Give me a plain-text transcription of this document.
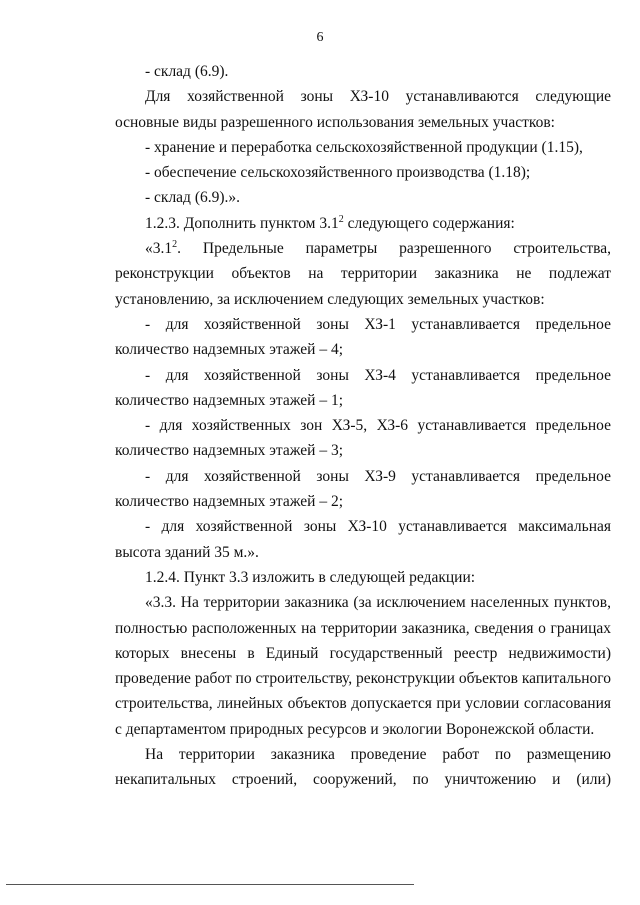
6

- склад (6.9).

Для хозяйственной зоны ХЗ-10 устанавливаются следующие основные виды разрешенного использования земельных участков:

- хранение и переработка сельскохозяйственной продукции (1.15),

- обеспечение сельскохозяйственного производства (1.18);

- склад (6.9).».

1.2.3. Дополнить пунктом $3.1^2$ следующего содержания:

«$3.1^2$. Предельные параметры разрешенного строительства, реконструкции объектов на территории заказника не подлежат установлению, за исключением следующих земельных участков:

- для хозяйственной зоны ХЗ-1 устанавливается предельное количество надземных этажей – 4;

- для хозяйственной зоны ХЗ-4 устанавливается предельное количество надземных этажей – 1;

- для хозяйственных зон ХЗ-5, ХЗ-6 устанавливается предельное количество надземных этажей – 3;

- для хозяйственной зоны ХЗ-9 устанавливается предельное количество надземных этажей – 2;

- для хозяйственной зоны ХЗ-10 устанавливается максимальная высота зданий 35 м.».

1.2.4. Пункт 3.3 изложить в следующей редакции:

«3.3. На территории заказника (за исключением населенных пунктов, полностью расположенных на территории заказника, сведения о границах которых внесены в Единый государственный реестр недвижимости) проведение работ по строительству, реконструкции объектов капитального строительства, линейных объектов допускается при условии согласования с департаментом природных ресурсов и экологии Воронежской области.

На территории заказника проведение работ по размещению некапитальных строений, сооружений, по уничтожению и (или)
